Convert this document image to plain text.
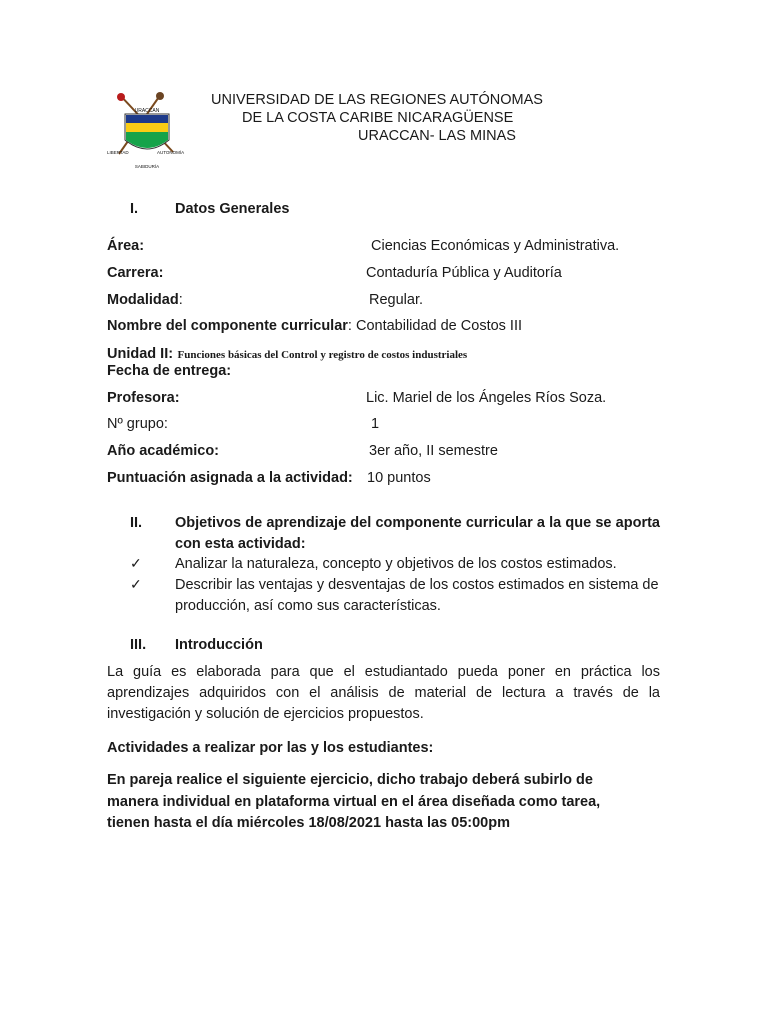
URACCAN
LIBERTAD	AUTONOMÍA
SABIDURÍA
UNIVERSIDAD DE LAS REGIONES AUTÓNOMAS
DE LA COSTA CARIBE NICARAGÜENSE
URACCAN- LAS MINAS
I.	Datos Generales
Área:	Ciencias Económicas y Administrativa.
Carrera:	Contaduría Pública y Auditoría
Modalidad:	Regular.
Nombre del componente curricular: Contabilidad de Costos III
Unidad II: Funciones básicas del Control y registro de costos industriales
Fecha de entrega:
Profesora:	Lic. Mariel de los Ángeles Ríos Soza.
Nº grupo:	1
Año académico:	3er año, II semestre
Puntuación asignada a la actividad: 10 puntos
II. Objetivos de aprendizaje del componente curricular a la que se aporta con esta actividad:
✓ Analizar la naturaleza, concepto y objetivos de los costos estimados.
✓ Describir las ventajas y desventajas de los costos estimados en sistema de producción, así como sus características.
III. Introducción
La guía es elaborada para que el estudiantado pueda poner en práctica los aprendizajes adquiridos con el análisis de material de lectura a través de la investigación y solución de ejercicios propuestos.
Actividades a realizar por las y los estudiantes:
En pareja realice el siguiente ejercicio, dicho trabajo deberá subirlo de manera individual en plataforma virtual en el área diseñada como tarea, tienen hasta el día miércoles 18/08/2021 hasta las 05:00pm
